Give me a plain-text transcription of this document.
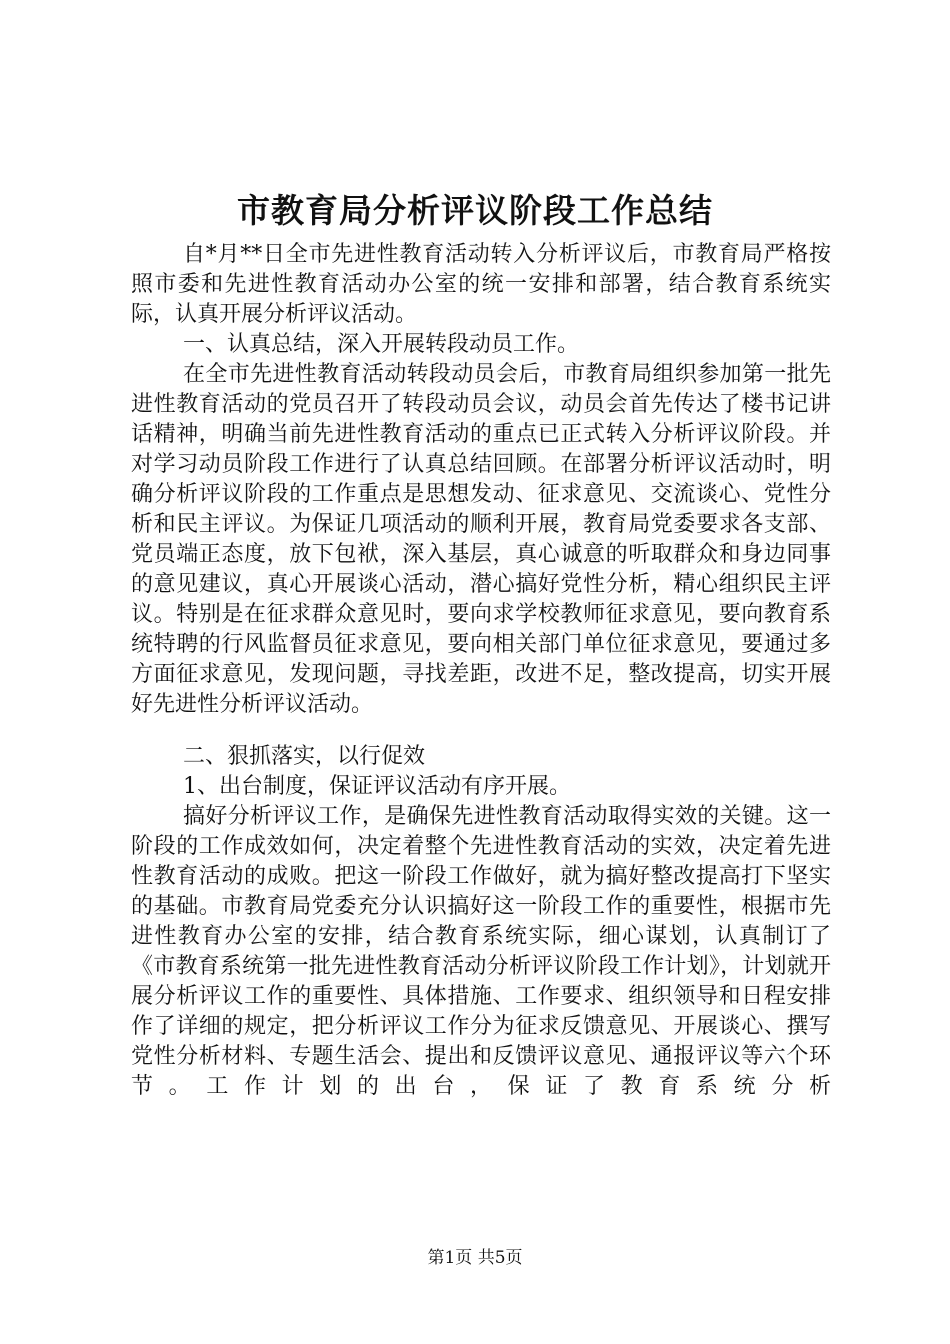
市教育局分析评议阶段工作总结

自*月**日全市先进性教育活动转入分析评议后，市教育局严格按照市委和先进性教育活动办公室的统一安排和部署，结合教育系统实际，认真开展分析评议活动。

一、认真总结，深入开展转段动员工作。

在全市先进性教育活动转段动员会后，市教育局组织参加第一批先进性教育活动的党员召开了转段动员会议，动员会首先传达了楼书记讲话精神，明确当前先进性教育活动的重点已正式转入分析评议阶段。并对学习动员阶段工作进行了认真总结回顾。在部署分析评议活动时，明确分析评议阶段的工作重点是思想发动、征求意见、交流谈心、党性分析和民主评议。为保证几项活动的顺利开展，教育局党委要求各支部、党员端正态度，放下包袱，深入基层，真心诚意的听取群众和身边同事的意见建议，真心开展谈心活动，潜心搞好党性分析，精心组织民主评议。特别是在征求群众意见时，要向求学校教师征求意见，要向教育系统特聘的行风监督员征求意见，要向相关部门单位征求意见，要通过多方面征求意见，发现问题，寻找差距，改进不足，整改提高，切实开展好先进性分析评议活动。

二、狠抓落实，以行促效

1、出台制度，保证评议活动有序开展。

搞好分析评议工作，是确保先进性教育活动取得实效的关键。这一阶段的工作成效如何，决定着整个先进性教育活动的实效，决定着先进性教育活动的成败。把这一阶段工作做好，就为搞好整改提高打下坚实的基础。市教育局党委充分认识搞好这一阶段工作的重要性，根据市先进性教育办公室的安排，结合教育系统实际，细心谋划，认真制订了《市教育系统第一批先进性教育活动分析评议阶段工作计划》，计划就开展分析评议工作的重要性、具体措施、工作要求、组织领导和日程安排作了详细的规定，把分析评议工作分为征求反馈意见、开展谈心、撰写党性分析材料、专题生活会、提出和反馈评议意见、通报评议等六个环节。工作计划的出台，保证了教育系统分析

第1页 共5页
